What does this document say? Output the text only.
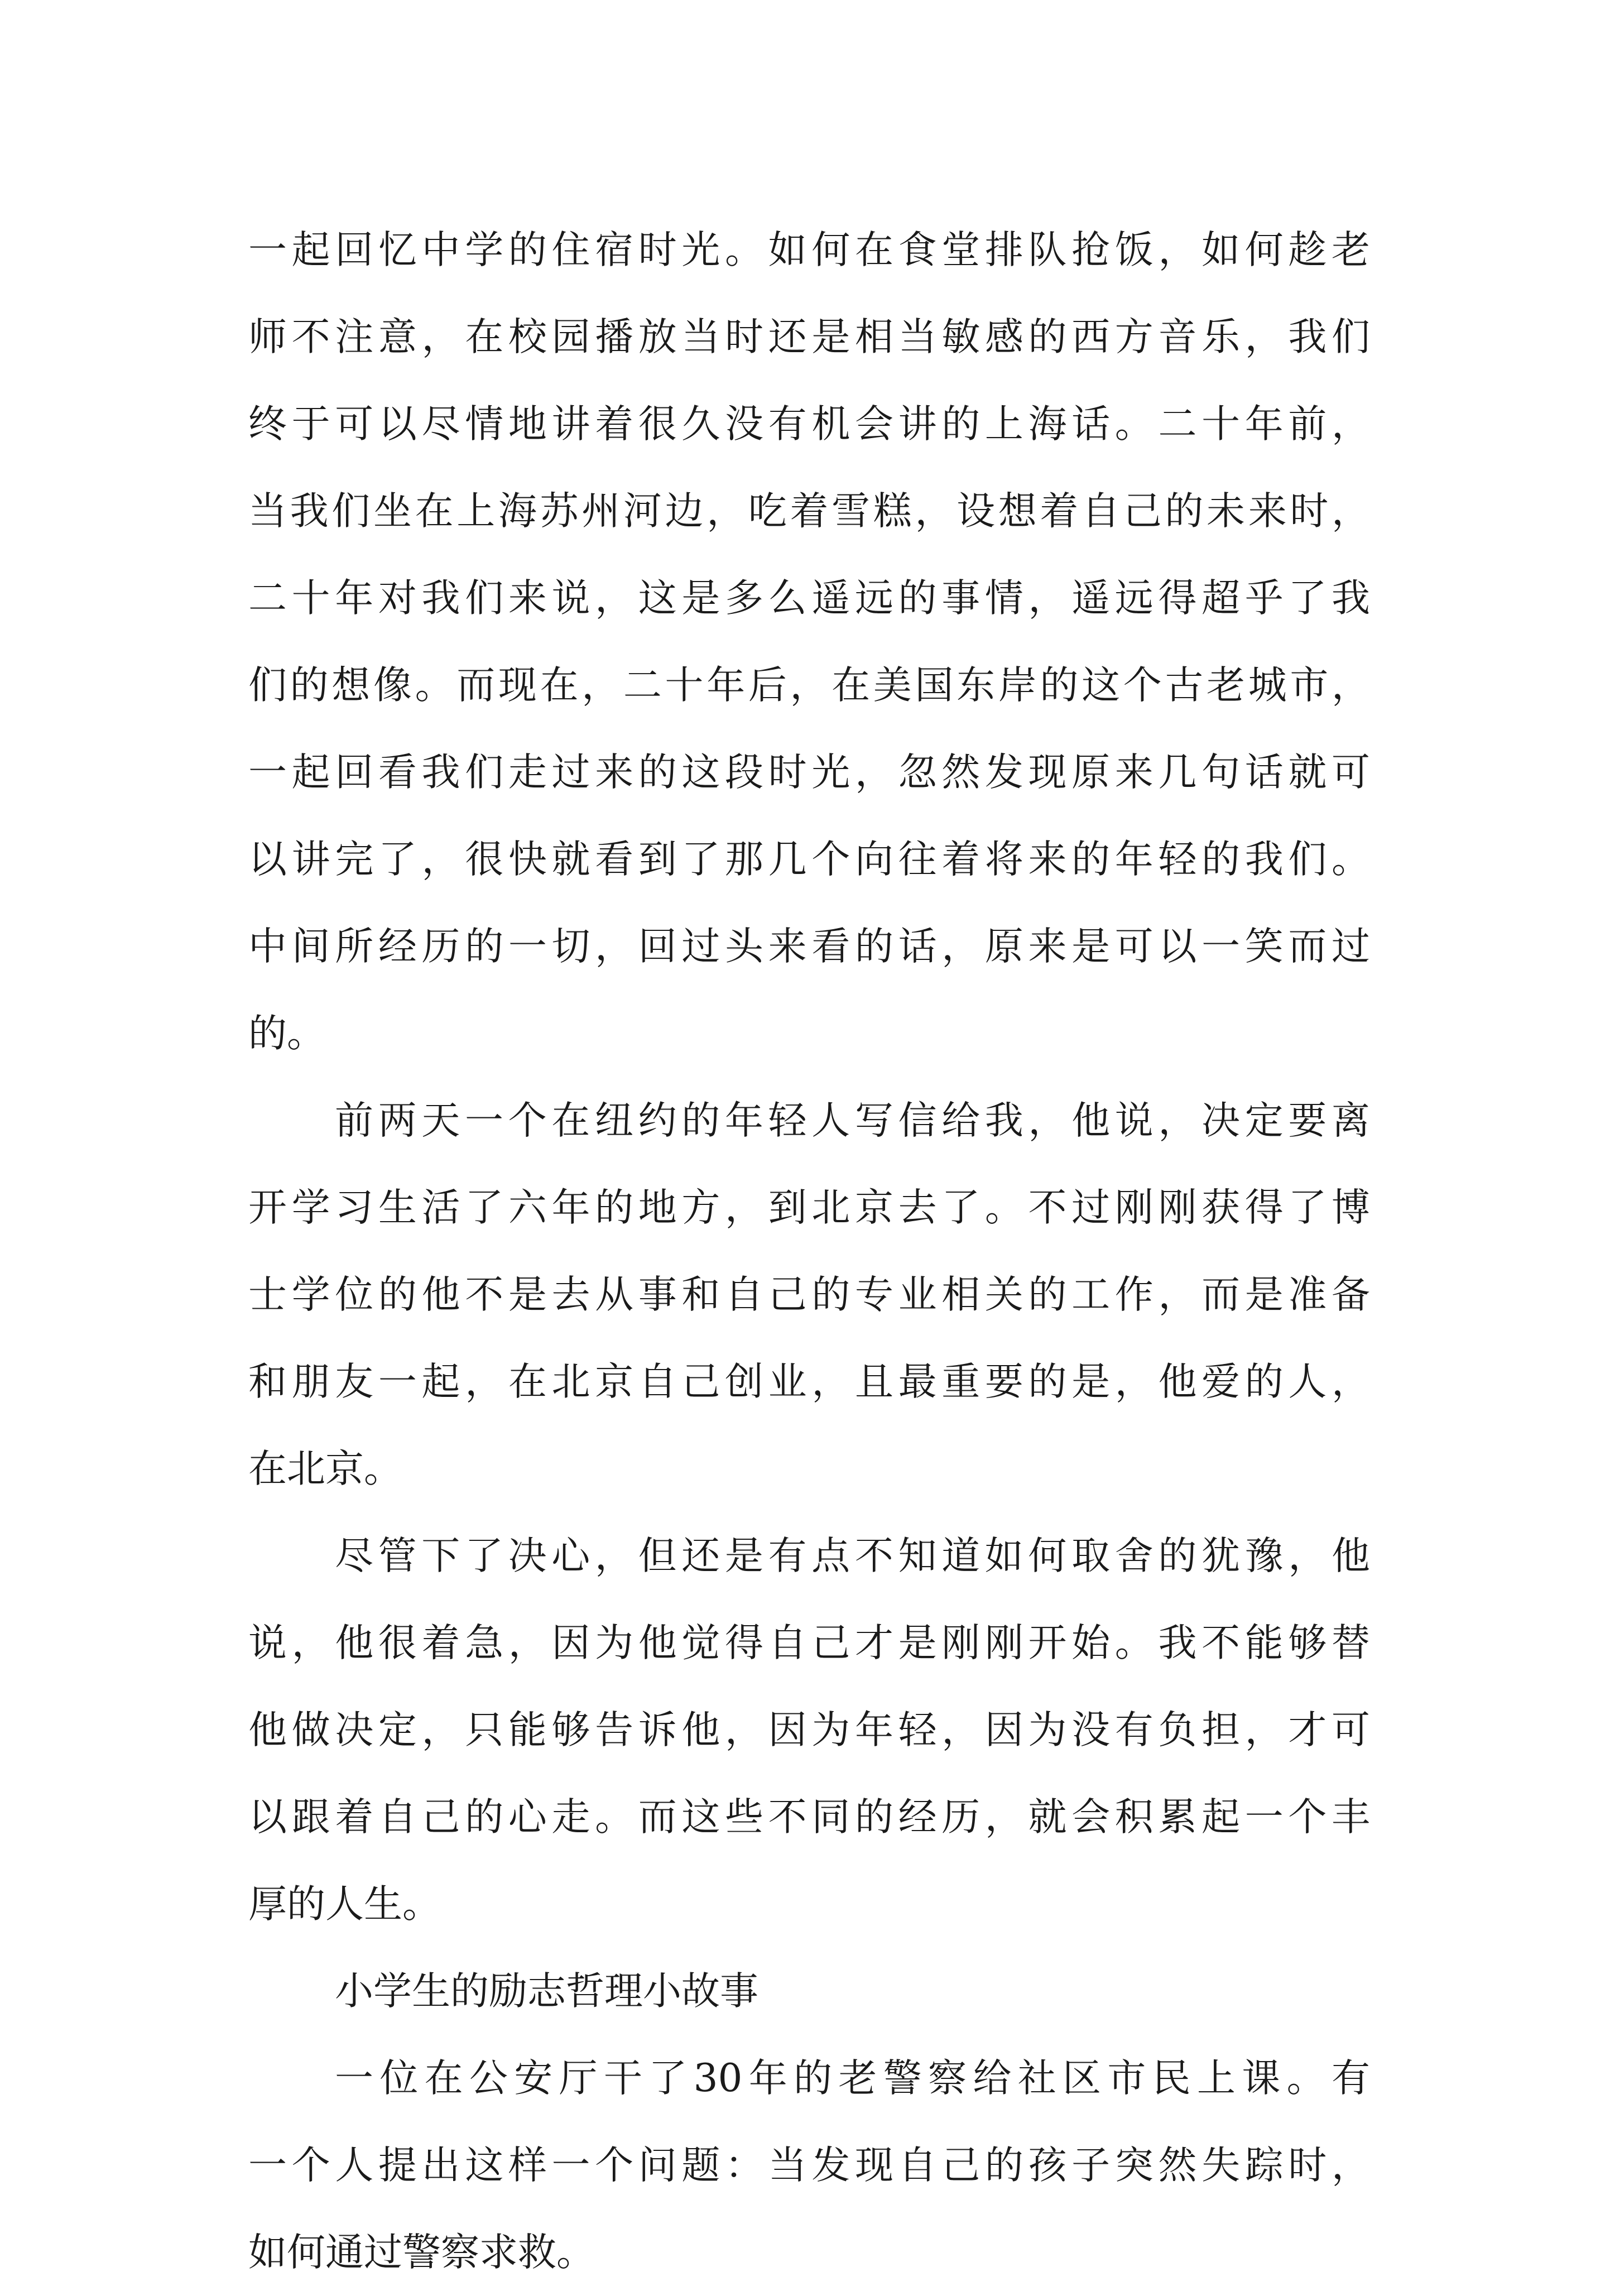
一起回忆中学的住宿时光。如何在食堂排队抢饭，如何趁老
师不注意，在校园播放当时还是相当敏感的西方音乐，我们
终于可以尽情地讲着很久没有机会讲的上海话。二十年前，
当我们坐在上海苏州河边，吃着雪糕，设想着自己的未来时，
二十年对我们来说，这是多么遥远的事情，遥远得超乎了我
们的想像。而现在，二十年后，在美国东岸的这个古老城市，
一起回看我们走过来的这段时光，忽然发现原来几句话就可
以讲完了，很快就看到了那几个向往着将来的年轻的我们。
中间所经历的一切，回过头来看的话，原来是可以一笑而过
的。
前两天一个在纽约的年轻人写信给我，他说，决定要离
开学习生活了六年的地方，到北京去了。不过刚刚获得了博
士学位的他不是去从事和自己的专业相关的工作，而是准备
和朋友一起，在北京自己创业，且最重要的是，他爱的人，
在北京。
尽管下了决心，但还是有点不知道如何取舍的犹豫，他
说，他很着急，因为他觉得自己才是刚刚开始。我不能够替
他做决定，只能够告诉他，因为年轻，因为没有负担，才可
以跟着自己的心走。而这些不同的经历，就会积累起一个丰
厚的人生。
小学生的励志哲理小故事
一位在公安厅干了30年的老警察给社区市民上课。有
一个人提出这样一个问题：当发现自己的孩子突然失踪时，
如何通过警察求救。
